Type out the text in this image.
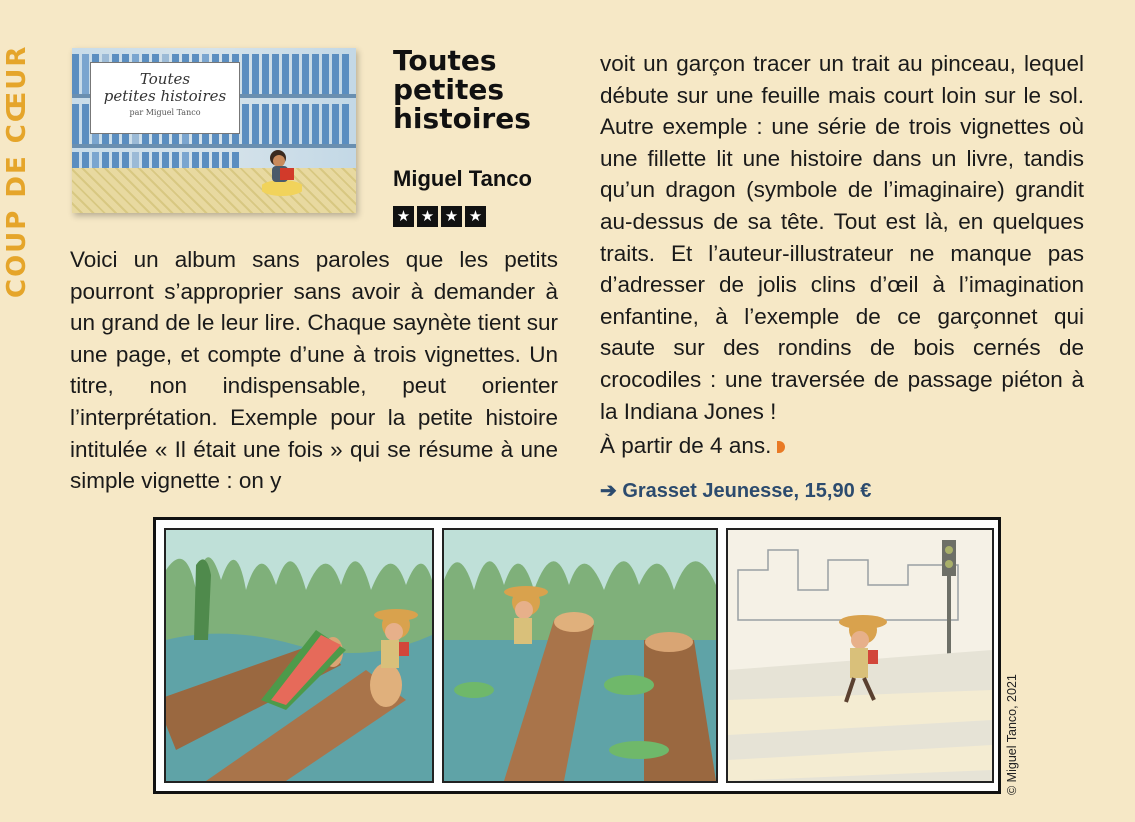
COUP DE CŒUR	Toutes
petites histoires
par Miguel Tanco
Toutes petites histoires
Miguel Tanco
★ ★ ★ ★
Voici un album sans paroles que les petits pourront s’approprier sans avoir à demander à un grand de le leur lire. Chaque saynète tient sur une page, et compte d’une à trois vignettes. Un titre, non indispensable, peut orienter l’interprétation. Exemple pour la petite histoire intitulée « Il était une fois » qui se résume à une simple vignette : on y
voit un garçon tracer un trait au pinceau, lequel débute sur une feuille mais court loin sur le sol. Autre exemple : une série de trois vignettes où une fillette lit une histoire dans un livre, tandis qu’un dragon (symbole de l’imaginaire) grandit au-dessus de sa tête. Tout est là, en quelques traits. Et l’auteur-illustrateur ne manque pas d’adresser de jolis clins d’œil à l’imagination enfantine, à l’exemple de ce garçonnet qui saute sur des rondins de bois cernés de crocodiles : une traversée de passage piéton à la Indiana Jones !
À partir de 4 ans.
➔ Grasset Jeunesse, 15,90 €
© Miguel Tanco, 2021
